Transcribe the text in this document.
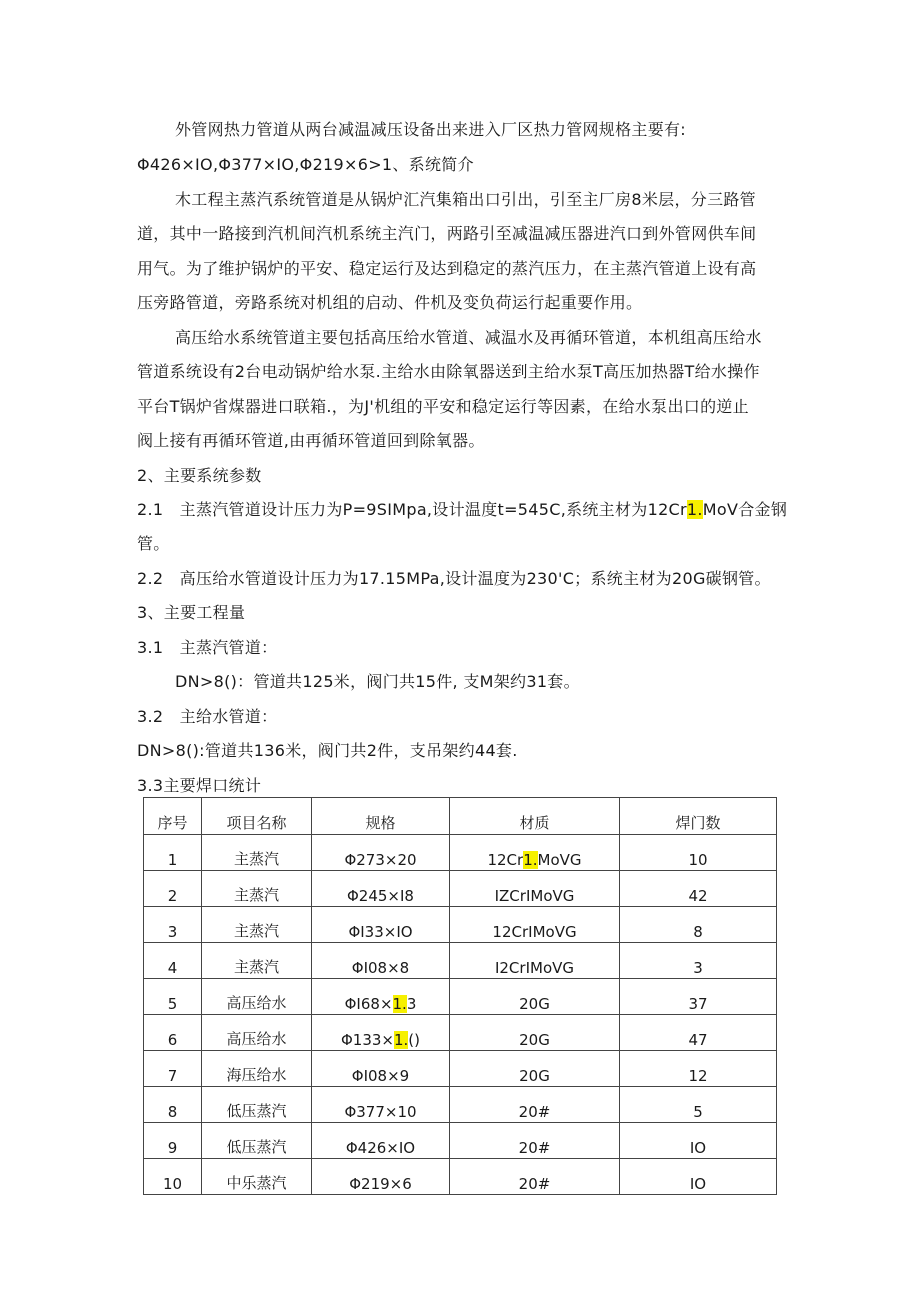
外管网热力管道从两台减温减压设备出来进入厂区热力管网规格主要有:
Φ426×IO,Φ377×IO,Φ219×6>1、系统简介
木工程主蒸汽系统管道是从锅炉汇汽集箱出口引出，引至主厂房8米层，分三路管
道，其中一路接到汽机间汽机系统主汽门，两路引至减温减压器进汽口到外管网供车间
用气。为了维护锅炉的平安、稳定运行及达到稳定的蒸汽压力，在主蒸汽管道上设有高
压旁路管道，旁路系统对机组的启动、件机及变负荷运行起重要作用。
高压给水系统管道主要包括高压给水管道、减温水及再循环管道，本机组高压给水
管道系统设有2台电动锅炉给水泵.主给水由除氧器送到主给水泵T高压加热器T给水操作
平台T锅炉省煤器进口联箱.，为J'机组的平安和稳定运行等因素，在给水泵出口的逆止
阀上接有再循环管道,由再循环管道回到除氧器。
2、主要系统参数
2.1　主蒸汽管道设计压力为P=9SIMpa,设计温度t=545C,系统主材为12Cr1.MoV合金钢
管。
2.2　高压给水管道设计压力为17.15MPa,设计温度为230'C；系统主材为20G碳钢管。
3、主要工程量
3.1　主蒸汽管道：
DN>8()：管道共125米，阀门共15件, 支M架约31套。
3.2　主给水管道：
DN>8():管道共136米，阀门共2件，支吊架约44套.
3.3主要焊口统计
序号	项目名称	规格	材质	焊门数
1	主蒸汽	Φ273×20	12Cr1.MoVG	10
2	主蒸汽	Φ245×I8	IZCrIMoVG	42
3	主蒸汽	ΦI33×IO	12CrIMoVG	8
4	主蒸汽	ΦI08×8	I2CrIMoVG	3
5	高压给水	ΦI68×1.3	20G	37
6	高压给水	Φ133×1.()	20G	47
7	海压给水	ΦI08×9	20G	12
8	低压蒸汽	Φ377×10	20#	5
9	低压蒸汽	Φ426×IO	20#	IO
10	中乐蒸汽	Φ219×6	20#	IO
